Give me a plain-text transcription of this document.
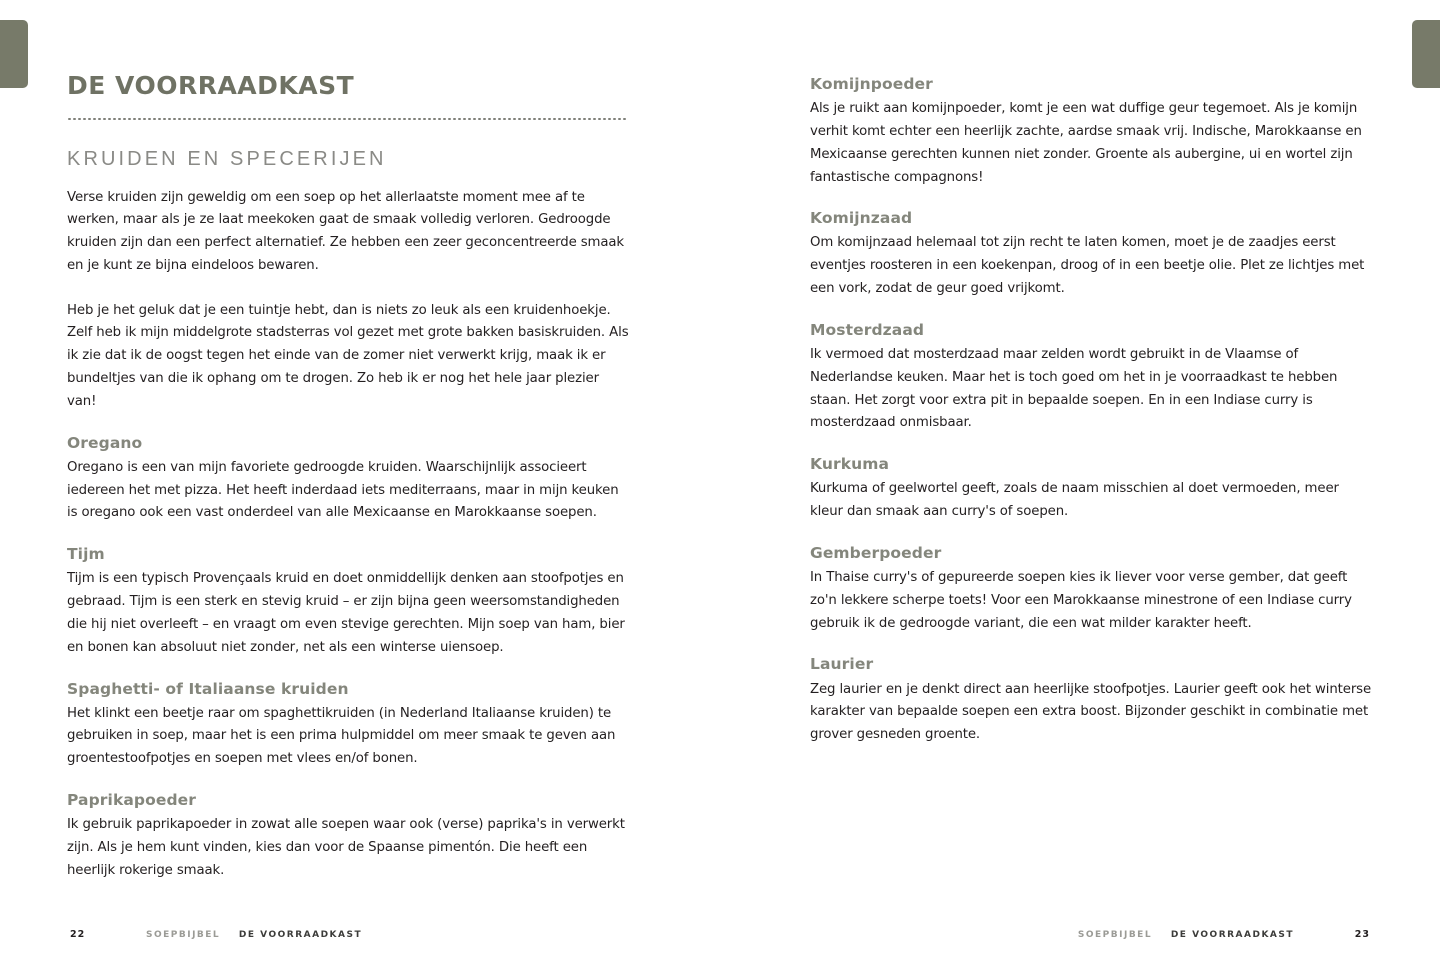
DE VOORRAADKAST
KRUIDEN EN SPECERIJEN

Verse kruiden zijn geweldig om een soep op het allerlaatste moment mee af te werken, maar als je ze laat meekoken gaat de smaak volledig verloren. Gedroogde kruiden zijn dan een perfect alternatief. Ze hebben een zeer geconcentreerde smaak en je kunt ze bijna eindeloos bewaren.

Heb je het geluk dat je een tuintje hebt, dan is niets zo leuk als een kruidenhoekje. Zelf heb ik mijn middelgrote stadsterras vol gezet met grote bakken basiskruiden. Als ik zie dat ik de oogst tegen het einde van de zomer niet verwerkt krijg, maak ik er bundeltjes van die ik ophang om te drogen. Zo heb ik er nog het hele jaar plezier van!

Oregano

Oregano is een van mijn favoriete gedroogde kruiden. Waarschijnlijk associeert iedereen het met pizza. Het heeft inderdaad iets mediterraans, maar in mijn keuken is oregano ook een vast onderdeel van alle Mexicaanse en Marokkaanse soepen.

Tijm

Tijm is een typisch Provençaals kruid en doet onmiddellijk denken aan stoofpotjes en gebraad. Tijm is een sterk en stevig kruid – er zijn bijna geen weersomstandigheden die hij niet overleeft – en vraagt om even stevige gerechten. Mijn soep van ham, bier en bonen kan absoluut niet zonder, net als een winterse uiensoep.

Spaghetti- of Italiaanse kruiden

Het klinkt een beetje raar om spaghettikruiden (in Nederland Italiaanse kruiden) te gebruiken in soep, maar het is een prima hulpmiddel om meer smaak te geven aan groentestoofpotjes en soepen met vlees en/of bonen.

Paprikapoeder

Ik gebruik paprikapoeder in zowat alle soepen waar ook (verse) paprika's in verwerkt zijn. Als je hem kunt vinden, kies dan voor de Spaanse pimentón. Die heeft een heerlijk rokerige smaak.

22	SOEPBIJBEL DE VOORRAADKAST
Komijnpoeder

Als je ruikt aan komijnpoeder, komt je een wat duffige geur tegemoet. Als je komijn verhit komt echter een heerlijk zachte, aardse smaak vrij. Indische, Marokkaanse en Mexicaanse gerechten kunnen niet zonder. Groente als aubergine, ui en wortel zijn fantastische compagnons!

Komijnzaad

Om komijnzaad helemaal tot zijn recht te laten komen, moet je de zaadjes eerst eventjes roosteren in een koekenpan, droog of in een beetje olie. Plet ze lichtjes met een vork, zodat de geur goed vrijkomt.

Mosterdzaad

Ik vermoed dat mosterdzaad maar zelden wordt gebruikt in de Vlaamse of Nederlandse keuken. Maar het is toch goed om het in je voorraadkast te hebben staan. Het zorgt voor extra pit in bepaalde soepen. En in een Indiase curry is mosterdzaad onmisbaar.

Kurkuma

Kurkuma of geelwortel geeft, zoals de naam misschien al doet vermoeden, meer kleur dan smaak aan curry's of soepen.

Gemberpoeder

In Thaise curry's of gepureerde soepen kies ik liever voor verse gember, dat geeft zo'n lekkere scherpe toets! Voor een Marokkaanse minestrone of een Indiase curry gebruik ik de gedroogde variant, die een wat milder karakter heeft.

Laurier

Zeg laurier en je denkt direct aan heerlijke stoofpotjes. Laurier geeft ook het winterse karakter van bepaalde soepen een extra boost. Bijzonder geschikt in combinatie met grover gesneden groente.

SOEPBIJBEL DE VOORRAADKAST	23
